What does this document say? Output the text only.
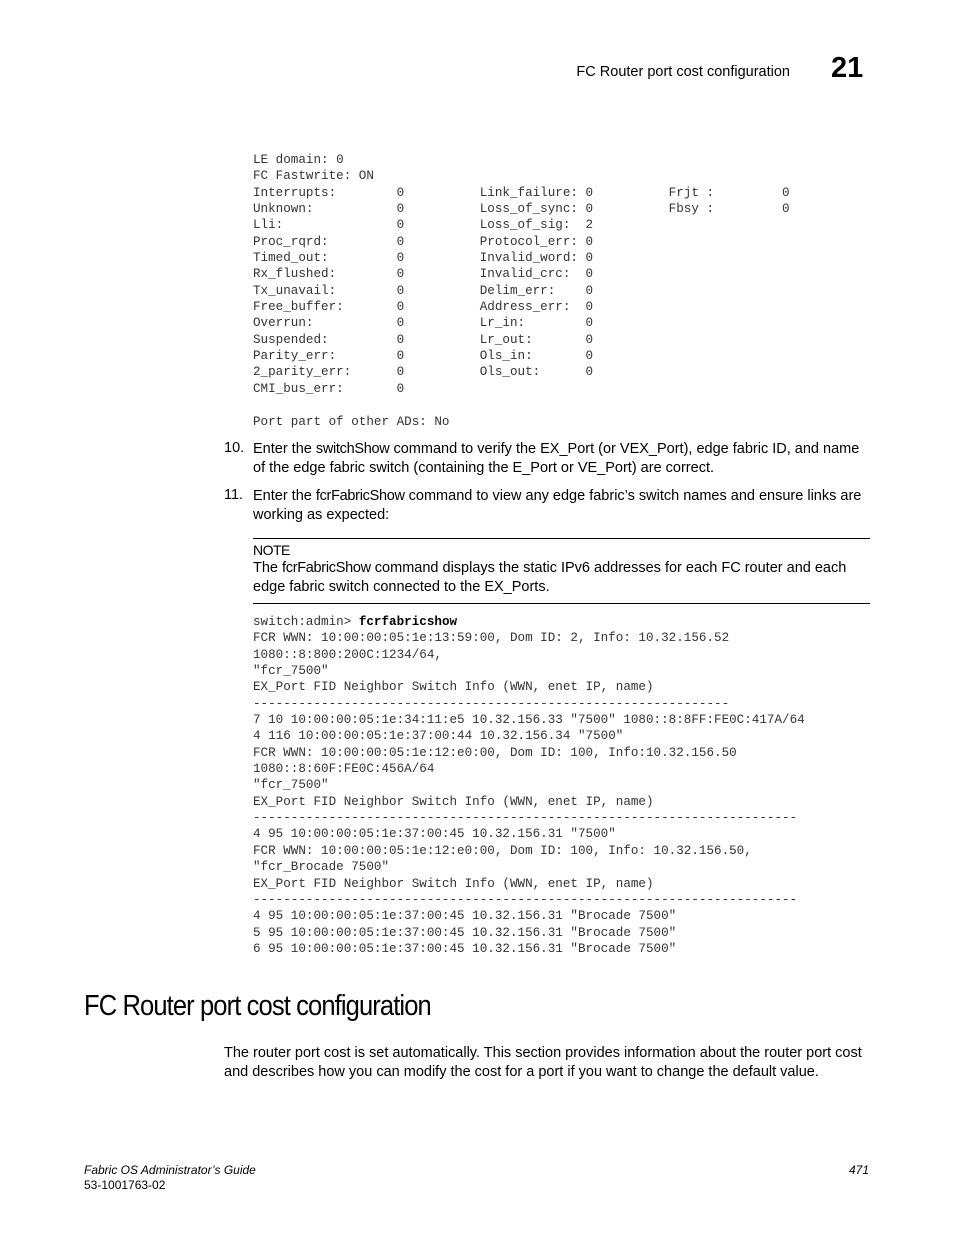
FC Router port cost configuration 21
LE domain: 0
FC Fastwrite: ON
Interrupts:        0          Link_failure: 0          Frjt :         0
Unknown:           0          Loss_of_sync: 0          Fbsy :         0
Lli:               0          Loss_of_sig:  2
Proc_rqrd:         0          Protocol_err: 0
Timed_out:         0          Invalid_word: 0
Rx_flushed:        0          Invalid_crc:  0
Tx_unavail:        0          Delim_err:    0
Free_buffer:       0          Address_err:  0
Overrun:           0          Lr_in:        0
Suspended:         0          Lr_out:       0
Parity_err:        0          Ols_in:       0
2_parity_err:      0          Ols_out:      0
CMI_bus_err:       0

Port part of other ADs: No
10. Enter the switchShow command to verify the EX_Port (or VEX_Port), edge fabric ID, and name of the edge fabric switch (containing the E_Port or VE_Port) are correct.
11. Enter the fcrFabricShow command to view any edge fabric’s switch names and ensure links are working as expected:
NOTE
The fcrFabricShow command displays the static IPv6 addresses for each FC router and each edge fabric switch connected to the EX_Ports.
switch:admin> fcrfabricshow
FCR WWN: 10:00:00:05:1e:13:59:00, Dom ID: 2, Info: 10.32.156.52
1080::8:800:200C:1234/64,
"fcr_7500"
EX_Port FID Neighbor Switch Info (WWN, enet IP, name)
---------------------------------------------------------------
7 10 10:00:00:05:1e:34:11:e5 10.32.156.33 "7500" 1080::8:8FF:FE0C:417A/64
4 116 10:00:00:05:1e:37:00:44 10.32.156.34 "7500"
FCR WWN: 10:00:00:05:1e:12:e0:00, Dom ID: 100, Info:10.32.156.50
1080::8:60F:FE0C:456A/64
"fcr_7500"
EX_Port FID Neighbor Switch Info (WWN, enet IP, name)
------------------------------------------------------------------------
4 95 10:00:00:05:1e:37:00:45 10.32.156.31 "7500"
FCR WWN: 10:00:00:05:1e:12:e0:00, Dom ID: 100, Info: 10.32.156.50,
"fcr_Brocade 7500"
EX_Port FID Neighbor Switch Info (WWN, enet IP, name)
------------------------------------------------------------------------
4 95 10:00:00:05:1e:37:00:45 10.32.156.31 "Brocade 7500"
5 95 10:00:00:05:1e:37:00:45 10.32.156.31 "Brocade 7500"
6 95 10:00:00:05:1e:37:00:45 10.32.156.31 "Brocade 7500"
FC Router port cost configuration
The router port cost is set automatically. This section provides information about the router port cost and describes how you can modify the cost for a port if you want to change the default value.
Fabric OS Administrator’s Guide
53-1001763-02
471
